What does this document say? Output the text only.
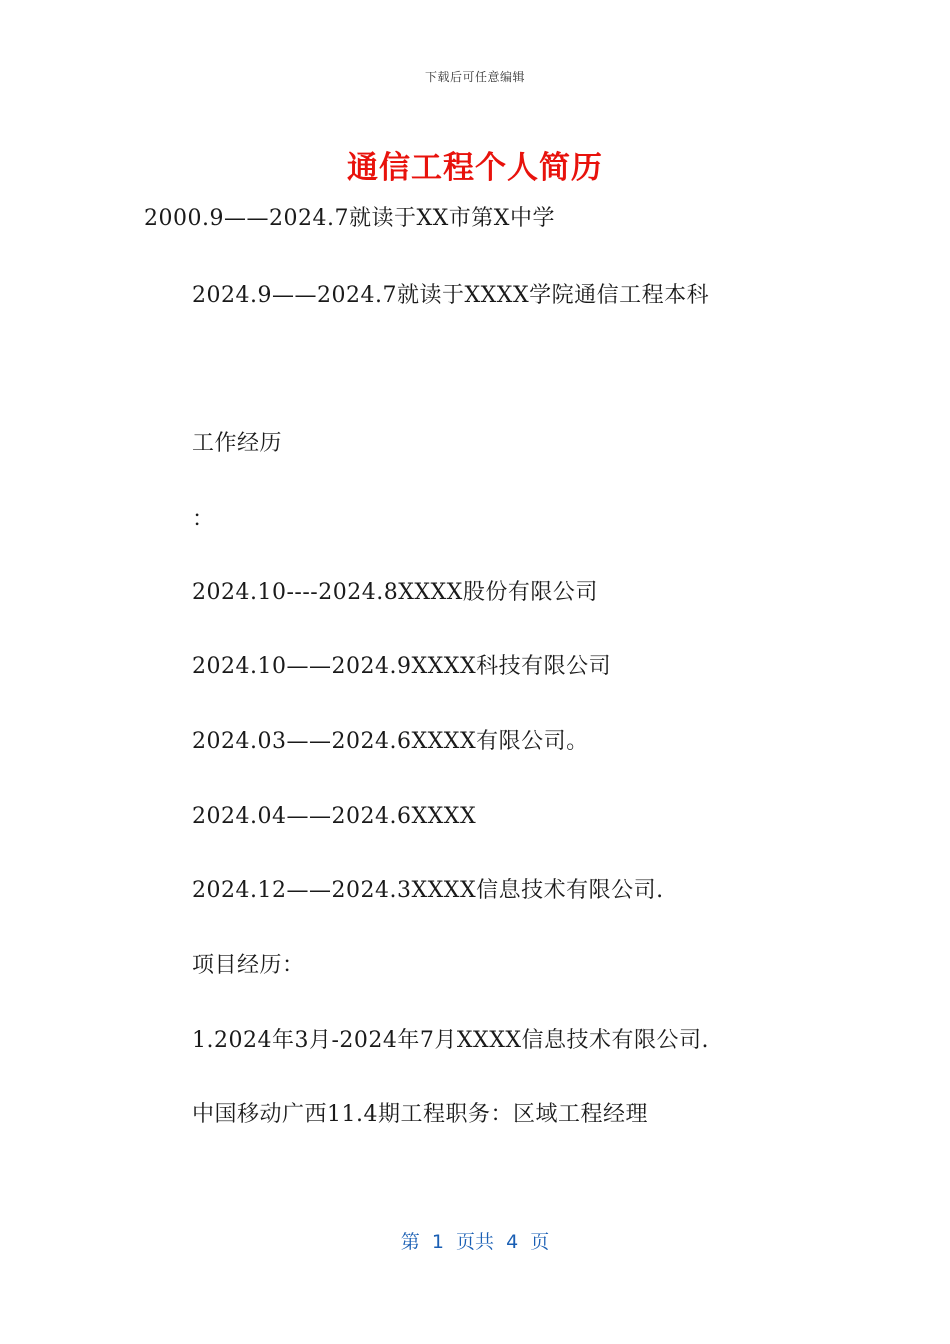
下载后可任意编辑
通信工程个人简历
2000.9——2024.7就读于XX市第X中学
2024.9——2024.7就读于XXXX学院通信工程本科
工作经历
：
2024.10----2024.8XXXX股份有限公司
2024.10——2024.9XXXX科技有限公司
2024.03——2024.6XXXX有限公司。
2024.04——2024.6XXXX
2024.12——2024.3XXXX信息技术有限公司.
项目经历：
1.2024年3月-2024年7月XXXX信息技术有限公司.
中国移动广西11.4期工程职务：区域工程经理
第  1  页共  4  页
